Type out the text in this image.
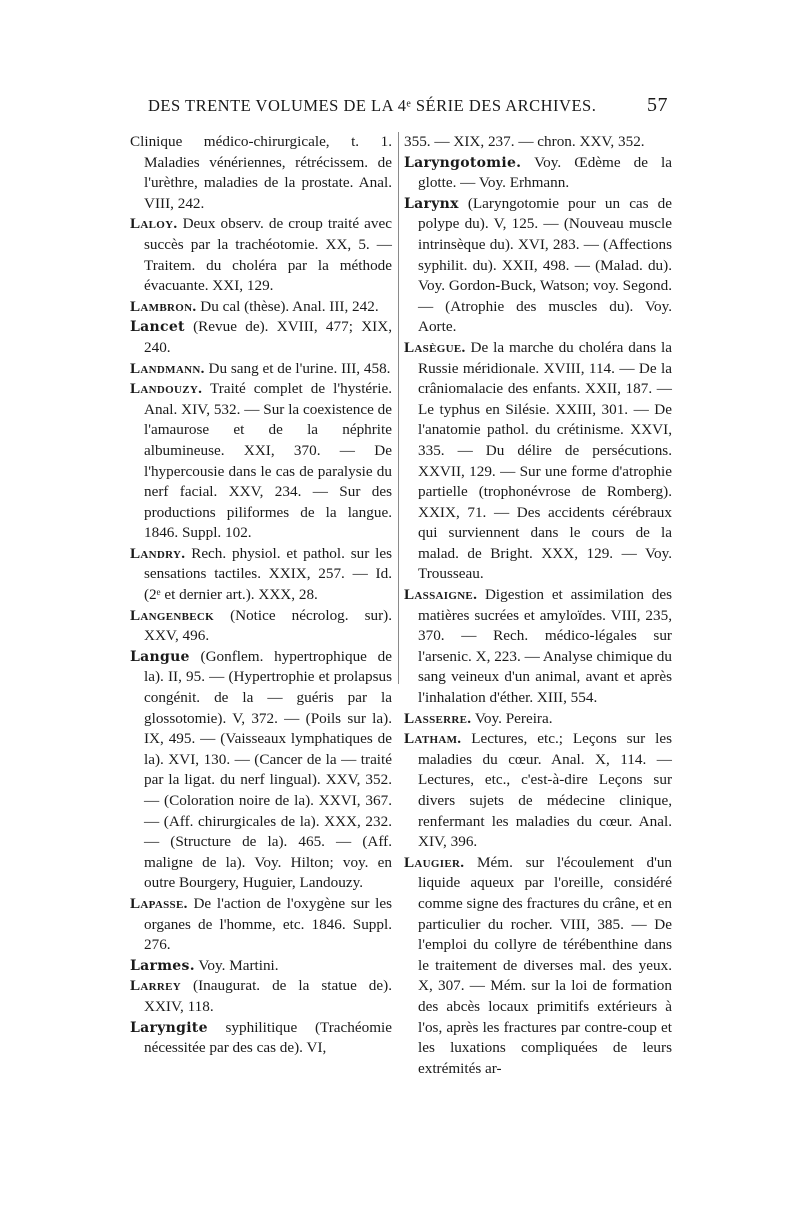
DES TRENTE VOLUMES DE LA 4ᵉ SÉRIE DES ARCHIVES.	57

Clinique médico-chirurgicale, t. 1. Maladies vénériennes, rétrécissem. de l'urèthre, maladies de la prostate. Anal. VIII, 242.

Laloy. Deux observ. de croup traité avec succès par la trachéotomie. XX, 5. — Traitem. du choléra par la méthode évacuante. XXI, 129.

Lambron. Du cal (thèse). Anal. III, 242.

Lancet (Revue de). XVIII, 477; XIX, 240.

Landmann. Du sang et de l'urine. III, 458.

Landouzy. Traité complet de l'hystérie. Anal. XIV, 532. — Sur la coexistence de l'amaurose et de la néphrite albumineuse. XXI, 370. — De l'hypercousie dans le cas de paralysie du nerf facial. XXV, 234. — Sur des productions piliformes de la langue. 1846. Suppl. 102.

Landry. Rech. physiol. et pathol. sur les sensations tactiles. XXIX, 257. — Id. (2ᵉ et dernier art.). XXX, 28.

Langenbeck (Notice nécrolog. sur). XXV, 496.

Langue (Gonflem. hypertrophique de la). II, 95. — (Hypertrophie et prolapsus congénit. de la — guéris par la glossotomie). V, 372. — (Poils sur la). IX, 495. — (Vaisseaux lymphatiques de la). XVI, 130. — (Cancer de la — traité par la ligat. du nerf lingual). XXV, 352. — (Coloration noire de la). XXVI, 367. — (Aff. chirurgicales de la). XXX, 232. — (Structure de la). 465. — (Aff. maligne de la). Voy. Hilton; voy. en outre Bourgery, Huguier, Landouzy.

Lapasse. De l'action de l'oxygène sur les organes de l'homme, etc. 1846. Suppl. 276.

Larmes. Voy. Martini.

Larrey (Inaugurat. de la statue de). XXIV, 118.

Laryngite syphilitique (Trachéomie nécessitée par des cas de). VI,

355. — XIX, 237. — chron. XXV, 352.

Laryngotomie. Voy. Œdème de la glotte. — Voy. Erhmann.

Larynx (Laryngotomie pour un cas de polype du). V, 125. — (Nouveau muscle intrinsèque du). XVI, 283. — (Affections syphilit. du). XXII, 498. — (Malad. du). Voy. Gordon-Buck, Watson; voy. Segond. — (Atrophie des muscles du). Voy. Aorte.

Lasègue. De la marche du choléra dans la Russie méridionale. XVIII, 114. — De la crâniomalacie des enfants. XXII, 187. — Le typhus en Silésie. XXIII, 301. — De l'anatomie pathol. du crétinisme. XXVI, 335. — Du délire de persécutions. XXVII, 129. — Sur une forme d'atrophie partielle (trophonévrose de Romberg). XXIX, 71. — Des accidents cérébraux qui surviennent dans le cours de la malad. de Bright. XXX, 129. — Voy. Trousseau.

Lassaigne. Digestion et assimilation des matières sucrées et amyloïdes. VIII, 235, 370. — Rech. médico-légales sur l'arsenic. X, 223. — Analyse chimique du sang veineux d'un animal, avant et après l'inhalation d'éther. XIII, 554.

Lasserre. Voy. Pereira.

Latham. Lectures, etc.; Leçons sur les maladies du cœur. Anal. X, 114. — Lectures, etc., c'est-à-dire Leçons sur divers sujets de médecine clinique, renfermant les maladies du cœur. Anal. XIV, 396.

Laugier. Mém. sur l'écoulement d'un liquide aqueux par l'oreille, considéré comme signe des fractures du crâne, et en particulier du rocher. VIII, 385. — De l'emploi du collyre de térébenthine dans le traitement de diverses mal. des yeux. X, 307. — Mém. sur la loi de formation des abcès locaux primitifs extérieurs à l'os, après les fractures par contre-coup et les luxations compliquées de leurs extrémités ar-
